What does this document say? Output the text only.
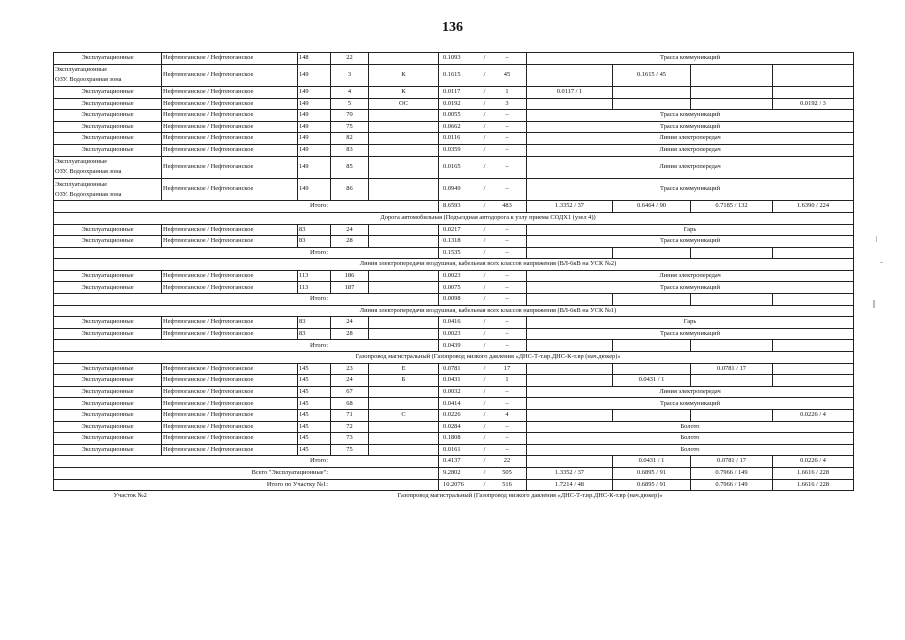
136
Эксплуатационные	Нефтеюганское / Нефтеюганское	148	22		0.1093 / –	Трасса коммуникаций			

Эксплуатационные
ОЗУ. Водоохранная зона	Нефтеюганское / Нефтеюганское	149	3	К	0.1615 / 45		0.1615 / 45		

Эксплуатационные	Нефтеюганское / Нефтеюганское	149	4	К	0.0117 / 1	0.0117 / 1			

Эксплуатационные	Нефтеюганское / Нефтеюганское	149	5	ОС	0.0192 / 3				0.0192 / 3

Эксплуатационные	Нефтеюганское / Нефтеюганское	149	70		0.0055 / –	Трасса коммуникаций			

Эксплуатационные	Нефтеюганское / Нефтеюганское	149	75		0.0662 / –	Трасса коммуникаций			

Эксплуатационные	Нефтеюганское / Нефтеюганское	149	82		0.0116 / –	Линия электропередач			

Эксплуатационные	Нефтеюганское / Нефтеюганское	149	83		0.0359 / –	Линия электропередач			

Эксплуатационные
ОЗУ. Водоохранная зона	Нефтеюганское / Нефтеюганское	149	85		0.0165 / –	Линия электропередач			

Эксплуатационные
ОЗУ. Водоохранная зона	Нефтеюганское / Нефтеюганское	149	86		0.0949 / –	Трасса коммуникаций			
Итого:					8.6593 / 483	1.3352 / 37	0.6464 / 90	0.7185 / 132	1.6390 / 224
Дорога автомобильная (Подъездная автодорога к узлу приема СОДХ1 (узел 4))									

Эксплуатационные	Нефтеюганское / Нефтеюганское	83	24		0.0217 / –	Гарь			

Эксплуатационные	Нефтеюганское / Нефтеюганское	83	28		0.1318 / –	Трасса коммуникаций			
Итого:					0.1535 / –				

Линия электропередачи воздушная, кабельная всех классов напряжения (ВЛ-6кВ на УСК №2)									

Эксплуатационные	Нефтеюганское / Нефтеюганское	113	186		0.0023 / –	Линия электропередач			

Эксплуатационные	Нефтеюганское / Нефтеюганское	113	187		0.0075 / –	Трасса коммуникаций			
Итого:					0.0098 / –				

Линия электропередачи воздушная, кабельная всех классов напряжения (ВЛ-6кВ на УСК №1)									

Эксплуатационные	Нефтеюганское / Нефтеюганское	83	24		0.0416 / –	Гарь			

Эксплуатационные	Нефтеюганское / Нефтеюганское	83	28		0.0023 / –	Трасса коммуникаций			
Итого:					0.0439 / –				

Газопровод магистральный (Газопровод низкого давления «ДНС-Т-т.вр.ДНС-К-т.вр (нач.дюкер)»									

Эксплуатационные	Нефтеюганское / Нефтеюганское	145	23	Е	0.0781 / 17			0.0781 / 17	

Эксплуатационные	Нефтеюганское / Нефтеюганское	145	24	Б	0.0431 / 1		0.0431 / 1		

Эксплуатационные	Нефтеюганское / Нефтеюганское	145	67		0.0032 / –	Линия электропередач			

Эксплуатационные	Нефтеюганское / Нефтеюганское	145	68		0.0414 / –	Трасса коммуникаций			

Эксплуатационные	Нефтеюганское / Нефтеюганское	145	71	С	0.0226 / 4				0.0226 / 4

Эксплуатационные	Нефтеюганское / Нефтеюганское	145	72		0.0284 / –	Болото			

Эксплуатационные	Нефтеюганское / Нефтеюганское	145	73		0.1808 / –	Болото			

Эксплуатационные	Нефтеюганское / Нефтеюганское	145	75		0.0161 / –	Болото			
Итого:					0.4137 / 22		0.0431 / 1	0.0781 / 17	0.0226 / 4
Всего "Эксплуатационные":					9.2802 / 505	1.3352 / 37	0.6895 / 91	0.7966 / 149	1.6616 / 228
Итого по Участку №1:					10.2076 / 516	1.7214 / 48	0.6895 / 91	0.7966 / 149	1.6616 / 228
Участок №2		Газопровод магистральный (Газопровод низкого давления «ДНС-Т-т.вр.ДНС-К-т.вр (нач.дюкер)»							
